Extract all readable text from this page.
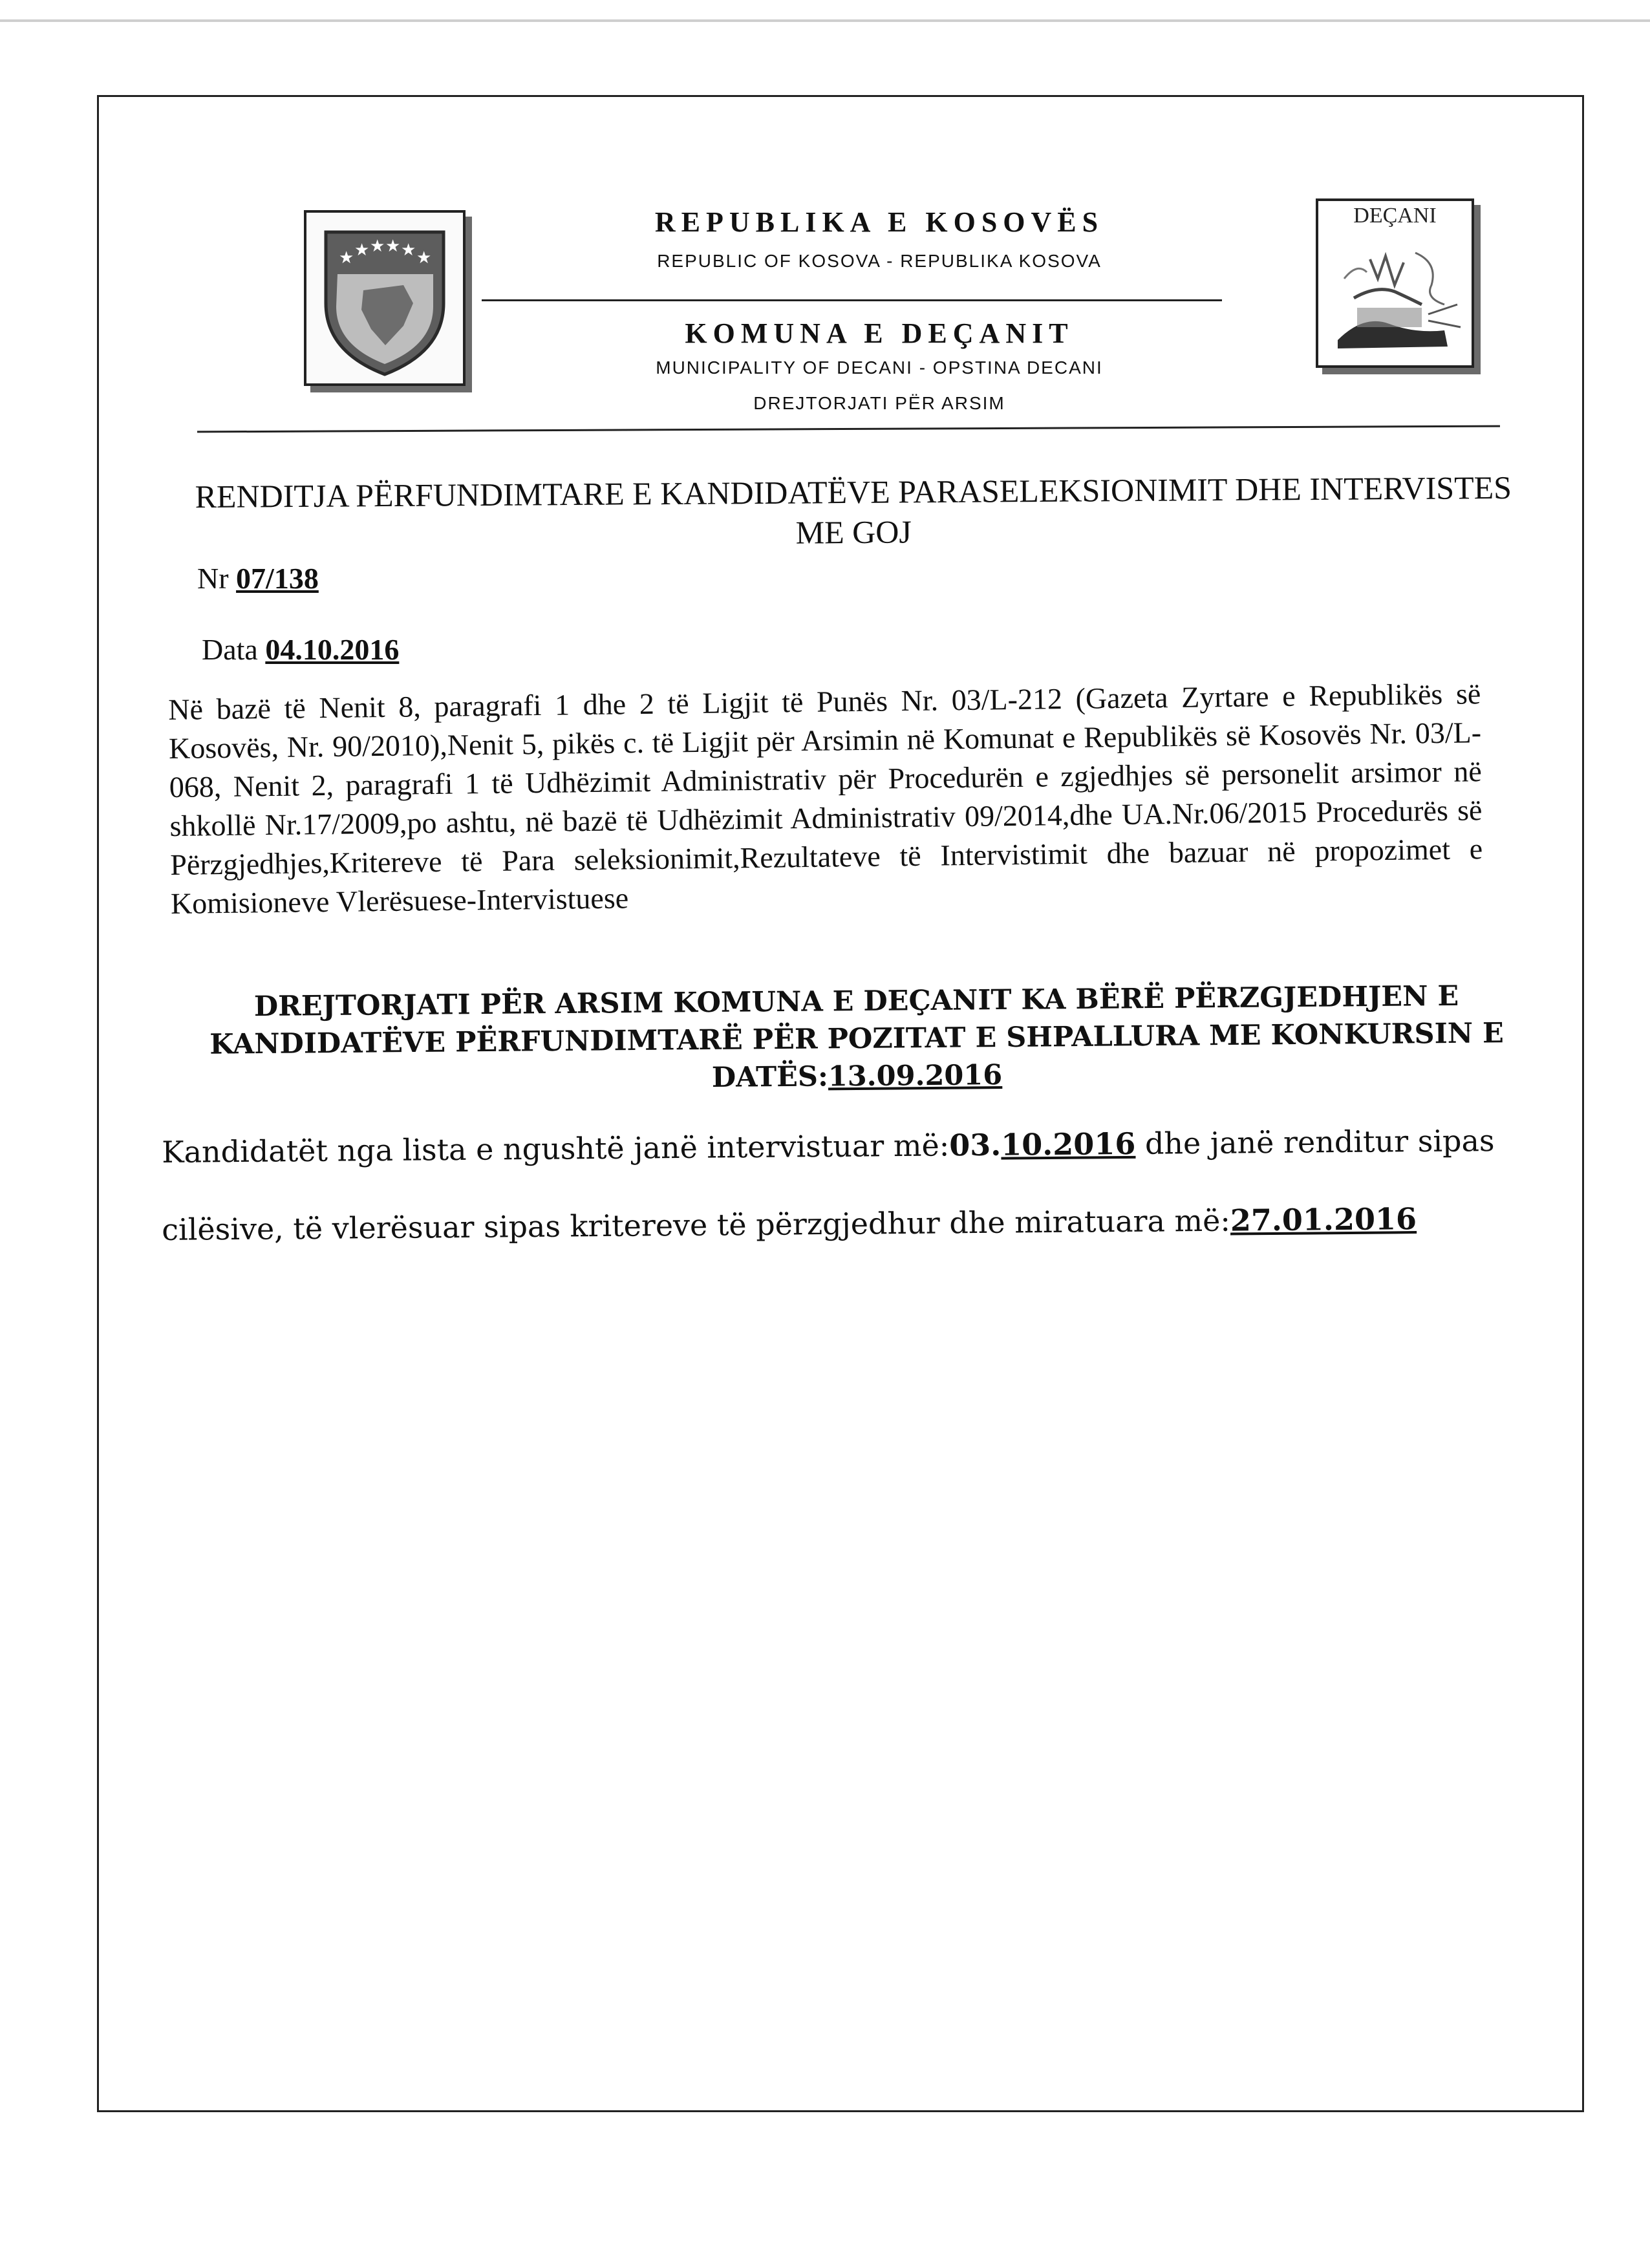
★ ★ ★ ★ ★ ★
DEÇANI
REPUBLIKA E KOSOVËS
REPUBLIC OF KOSOVA - REPUBLIKA KOSOVA
KOMUNA E DEÇANIT
MUNICIPALITY OF DECANI - OPSTINA DECANI
DREJTORJATI PËR ARSIM
RENDITJA PËRFUNDIMTARE E KANDIDATËVE PARASELEKSIONIMIT DHE INTERVISTES ME GOJ
Nr 07/138
Data 04.10.2016
Në bazë të Nenit 8, paragrafi 1 dhe 2 të Ligjit të Punës Nr. 03/L-212 (Gazeta Zyrtare e Republikës së Kosovës, Nr. 90/2010),Nenit 5, pikës c. të Ligjit për Arsimin në Komunat e Republikës së Kosovës Nr. 03/L-068, Nenit 2, paragrafi 1 të Udhëzimit Administrativ për Procedurën e zgjedhjes së personelit arsimor në shkollë Nr.17/2009,po ashtu, në bazë të Udhëzimit Administrativ 09/2014,dhe UA.Nr.06/2015 Procedurës së Përzgjedhjes,Kritereve të Para seleksionimit,Rezultateve të Intervistimit dhe bazuar në propozimet e Komisioneve Vlerësuese-Intervistuese
DREJTORJATI PËR ARSIM KOMUNA E DEÇANIT KA BËRË PËRZGJEDHJEN E KANDIDATËVE PËRFUNDIMTARË PËR POZITAT E SHPALLURA ME KONKURSIN E DATËS:13.09.2016
Kandidatët nga lista e ngushtë janë intervistuar më:03.10.2016 dhe janë renditur sipas
cilësive, të vlerësuar sipas kritereve të përzgjedhur dhe miratuara më:27.01.2016
